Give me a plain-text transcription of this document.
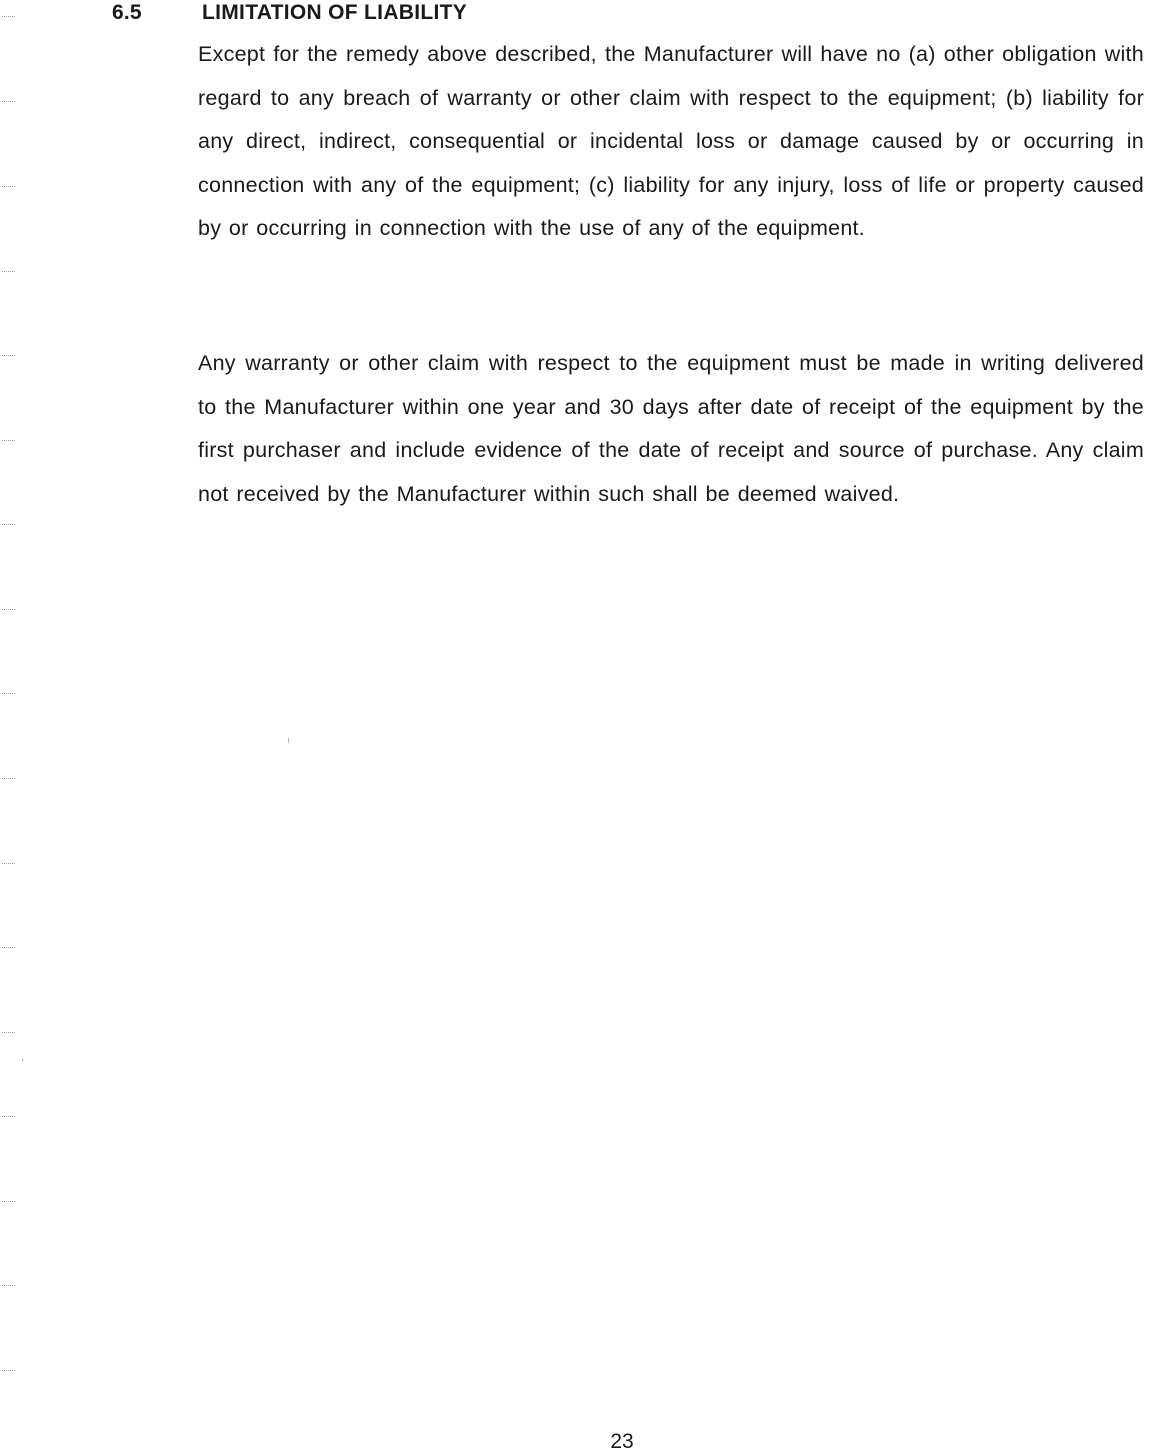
6.5	LIMITATION OF LIABILITY

Except for the remedy above described, the Manufacturer will have no (a) other obligation with regard to any breach of warranty or other claim with respect to the equipment; (b) liability for any direct, indirect, consequential or incidental loss or damage caused by or occurring in connection with any of the equipment; (c) liability for any injury, loss of life or property caused by or occurring in connection with the use of any of the equipment.

Any warranty or other claim with respect to the equipment must be made in writing delivered to the Manufacturer within one year and 30 days after date of receipt of the equipment by the first purchaser and include evidence of the date of receipt and source of purchase. Any claim not received by the Manufacturer within such shall be deemed waived.

23
